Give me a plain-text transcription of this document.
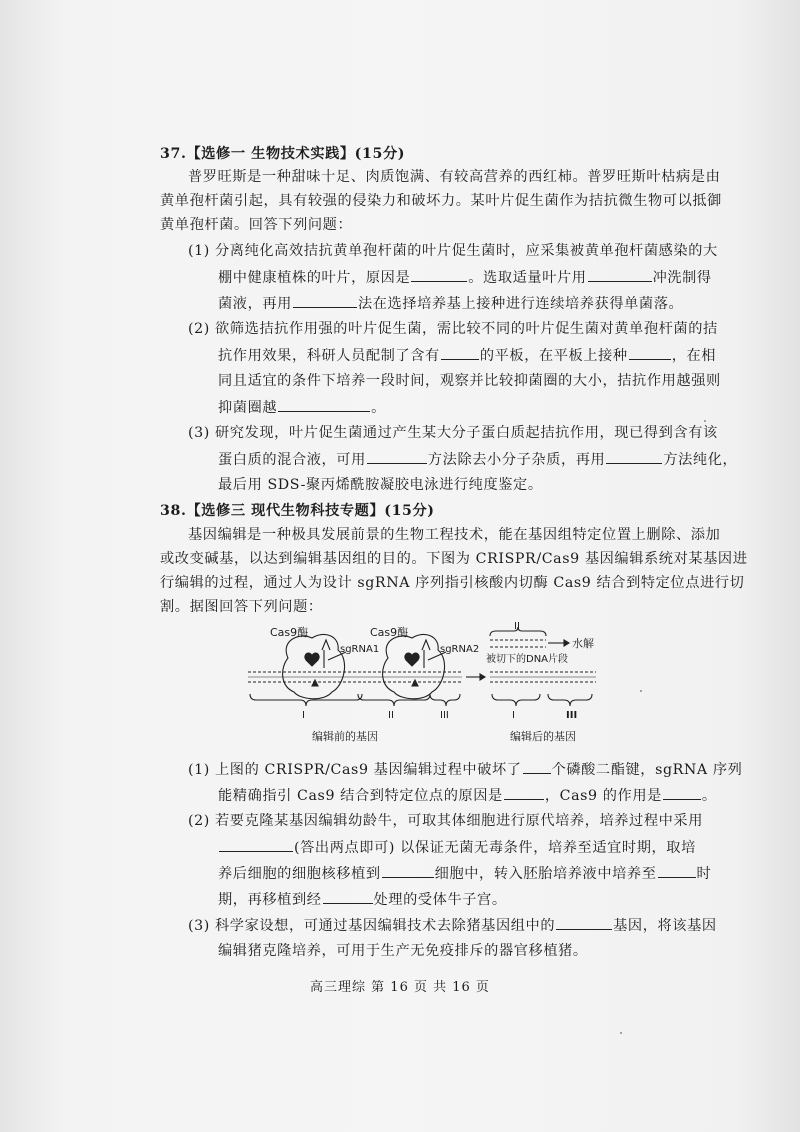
37.【选修一 生物技术实践】(15分)
普罗旺斯是一种甜味十足、肉质饱满、有较高营养的西红柿。普罗旺斯叶枯病是由
黄单孢杆菌引起，具有较强的侵染力和破坏力。某叶片促生菌作为拮抗微生物可以抵御
黄单孢杆菌。回答下列问题：
(1) 分离纯化高效拮抗黄单孢杆菌的叶片促生菌时，应采集被黄单孢杆菌感染的大
棚中健康植株的叶片，原因是	。选取适量叶片用	冲洗制得
菌液，再用	法在选择培养基上接种进行连续培养获得单菌落。
(2) 欲筛选拮抗作用强的叶片促生菌，需比较不同的叶片促生菌对黄单孢杆菌的拮
抗作用效果，科研人员配制了含有	的平板，在平板上接种	，在相
同且适宜的条件下培养一段时间，观察并比较抑菌圈的大小，拮抗作用越强则
抑菌圈越	。
(3) 研究发现，叶片促生菌通过产生某大分子蛋白质起拮抗作用，现已得到含有该
蛋白质的混合液，可用	方法除去小分子杂质，再用	方法纯化，
最后用 SDS-聚丙烯酰胺凝胶电泳进行纯度鉴定。
38.【选修三 现代生物科技专题】(15分)
基因编辑是一种极具发展前景的生物工程技术，能在基因组特定位置上删除、添加
或改变碱基，以达到编辑基因组的目的。下图为 CRISPR/Cas9 基因编辑系统对某基因进
行编辑的过程，通过人为设计 sgRNA 序列指引核酸内切酶 Cas9 结合到特定位点进行切
割。据图回答下列问题：
Cas9酶	Cas9酶
sgRNA1	sgRNA2
II
水解
被切下的DNA片段
I	II	III	I	III
编辑前的基因	编辑后的基因
(1) 上图的 CRISPR/Cas9 基因编辑过程中破坏了 个磷酸二酯键，sgRNA 序列
能精确指引 Cas9 结合到特定位点的原因是	，Cas9 的作用是	。
(2) 若要克隆某基因编辑幼龄牛，可取其体细胞进行原代培养，培养过程中采用
(答出两点即可) 以保证无菌无毒条件，培养至适宜时期，取培
养后细胞的细胞核移植到	细胞中，转入胚胎培养液中培养至	时
期，再移植到经	处理的受体牛子宫。
(3) 科学家设想，可通过基因编辑技术去除猪基因组中的	基因，将该基因
编辑猪克隆培养，可用于生产无免疫排斥的器官移植猪。
高三理综 第 16 页 共 16 页
